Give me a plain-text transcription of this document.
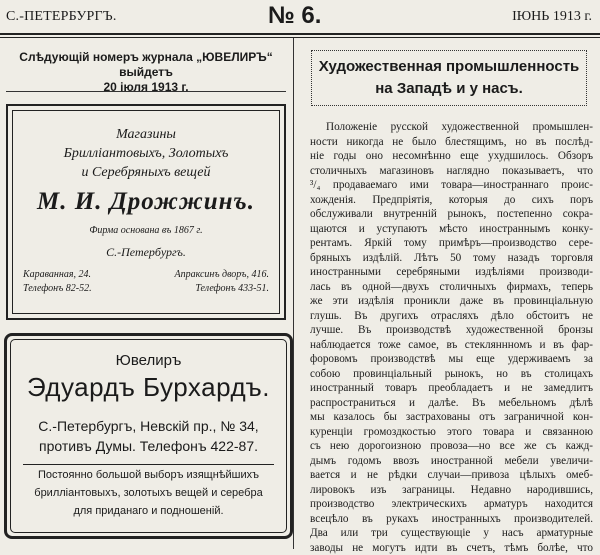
С.-ПЕТЕРБУРГЪ.	№ 6.	ІЮНЬ 1913 г.
Слѣдующій номеръ журнала „ЮВЕЛИРЪ“ выйдетъ
20 іюля 1913 г.
Магазины
Бриллiантовыхъ, Золотыхъ
и Серебряныхъ вещей
М. И. Дрожжинъ.
Фирма основана въ 1867 г.
С.-Петербургъ.
Караванная, 24.
Телефонъ 82-52.
Апраксинъ дворъ, 416.
Телефонъ 433-51.
Ювелиръ
Эдуардъ Бурхардъ.
С.-Петербургъ, Невскій пр., № 34,
противъ Думы. Телефонъ 422-87.
Постоянно большой выборъ изящнѣйшихъ
бриллiантовыхъ, золотыхъ вещей и серебра
для приданаго и подношеній.
Художественная промышленность
на Западѣ и у насъ.
Положеніе русской художественной промышлен-
ности никогда не было блестящимъ, но въ послѣд-
ніе годы оно несомнѣнно еще ухудшилось. Обзоръ
столичныхъ магазиновъ наглядно показываетъ, что
³/₄ продаваемаго ими товара—иностраннаго проис-
хожденія. Предпріятія, которыя до сихъ поръ
обслуживали внутренній рынокъ, постепенно сокра-
щаются и уступаютъ мѣсто иностраннымъ конку-
рентамъ. Яркій тому примѣръ—производство сере-
бряныхъ издѣлій. Лѣтъ 50 тому назадъ торговля
иностранными серебряными издѣліями производи-
лась въ одной—двухъ столичныхъ фирмахъ, теперь
же эти издѣлія проникли даже въ провинціальную
глушь. Въ другихъ отрасляхъ дѣло обстоитъ не
лучше. Въ производствѣ художественной бронзы
наблюдается тоже самое, въ стекляннномъ и въ фар-
форовомъ производствѣ мы еще удерживаемъ за
собою провинціальный рынокъ, но въ столицахъ
иностранный товаръ преобладаетъ и не замедлитъ
распространиться и далѣе. Въ мебельномъ дѣлѣ
мы казалось бы застрахованы отъ заграничной кон-
куренціи громоздкостью этого товара и связанною
съ нею дорогоизною провоза—но все же съ кажд-
дымъ годомъ ввозъ иностранной мебели увеличи-
вается и не рѣдки случаи—привоза цѣлыхъ омеб-
лировокъ изъ заграницы. Недавно народившись,
производство электрическихъ арматуръ находится
всецѣло въ рукахъ иностранныхъ производителей.
Два или три существующіе у насъ арматурные
заводы не могутъ идти въ счетъ, тѣмъ болѣе, что
